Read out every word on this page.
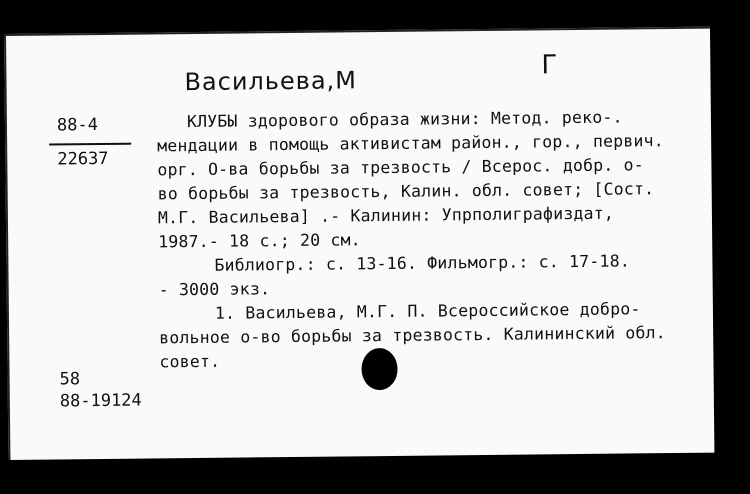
Васильева,М
Г
88-4
22637
КЛУБЫ здорового образа жизни: Метод. реко-.
мендации в помощь активистам район., гор., первич.
орг. О-ва борьбы за трезвость / Всерос. добр. о-
во борьбы за трезвость, Калин. обл. совет; [Сост.
М.Г. Васильева] .- Калинин: Упрполиграфиздат,
1987.- 18 с.; 20 см.
Библиогр.: с. 13-16. Фильмогр.: с. 17-18.
- 3000 экз.
1. Васильева, М.Г. П. Всероссийское добро-
вольное о-во борьбы за трезвость. Калининский обл.
совет.
58
88-19124
